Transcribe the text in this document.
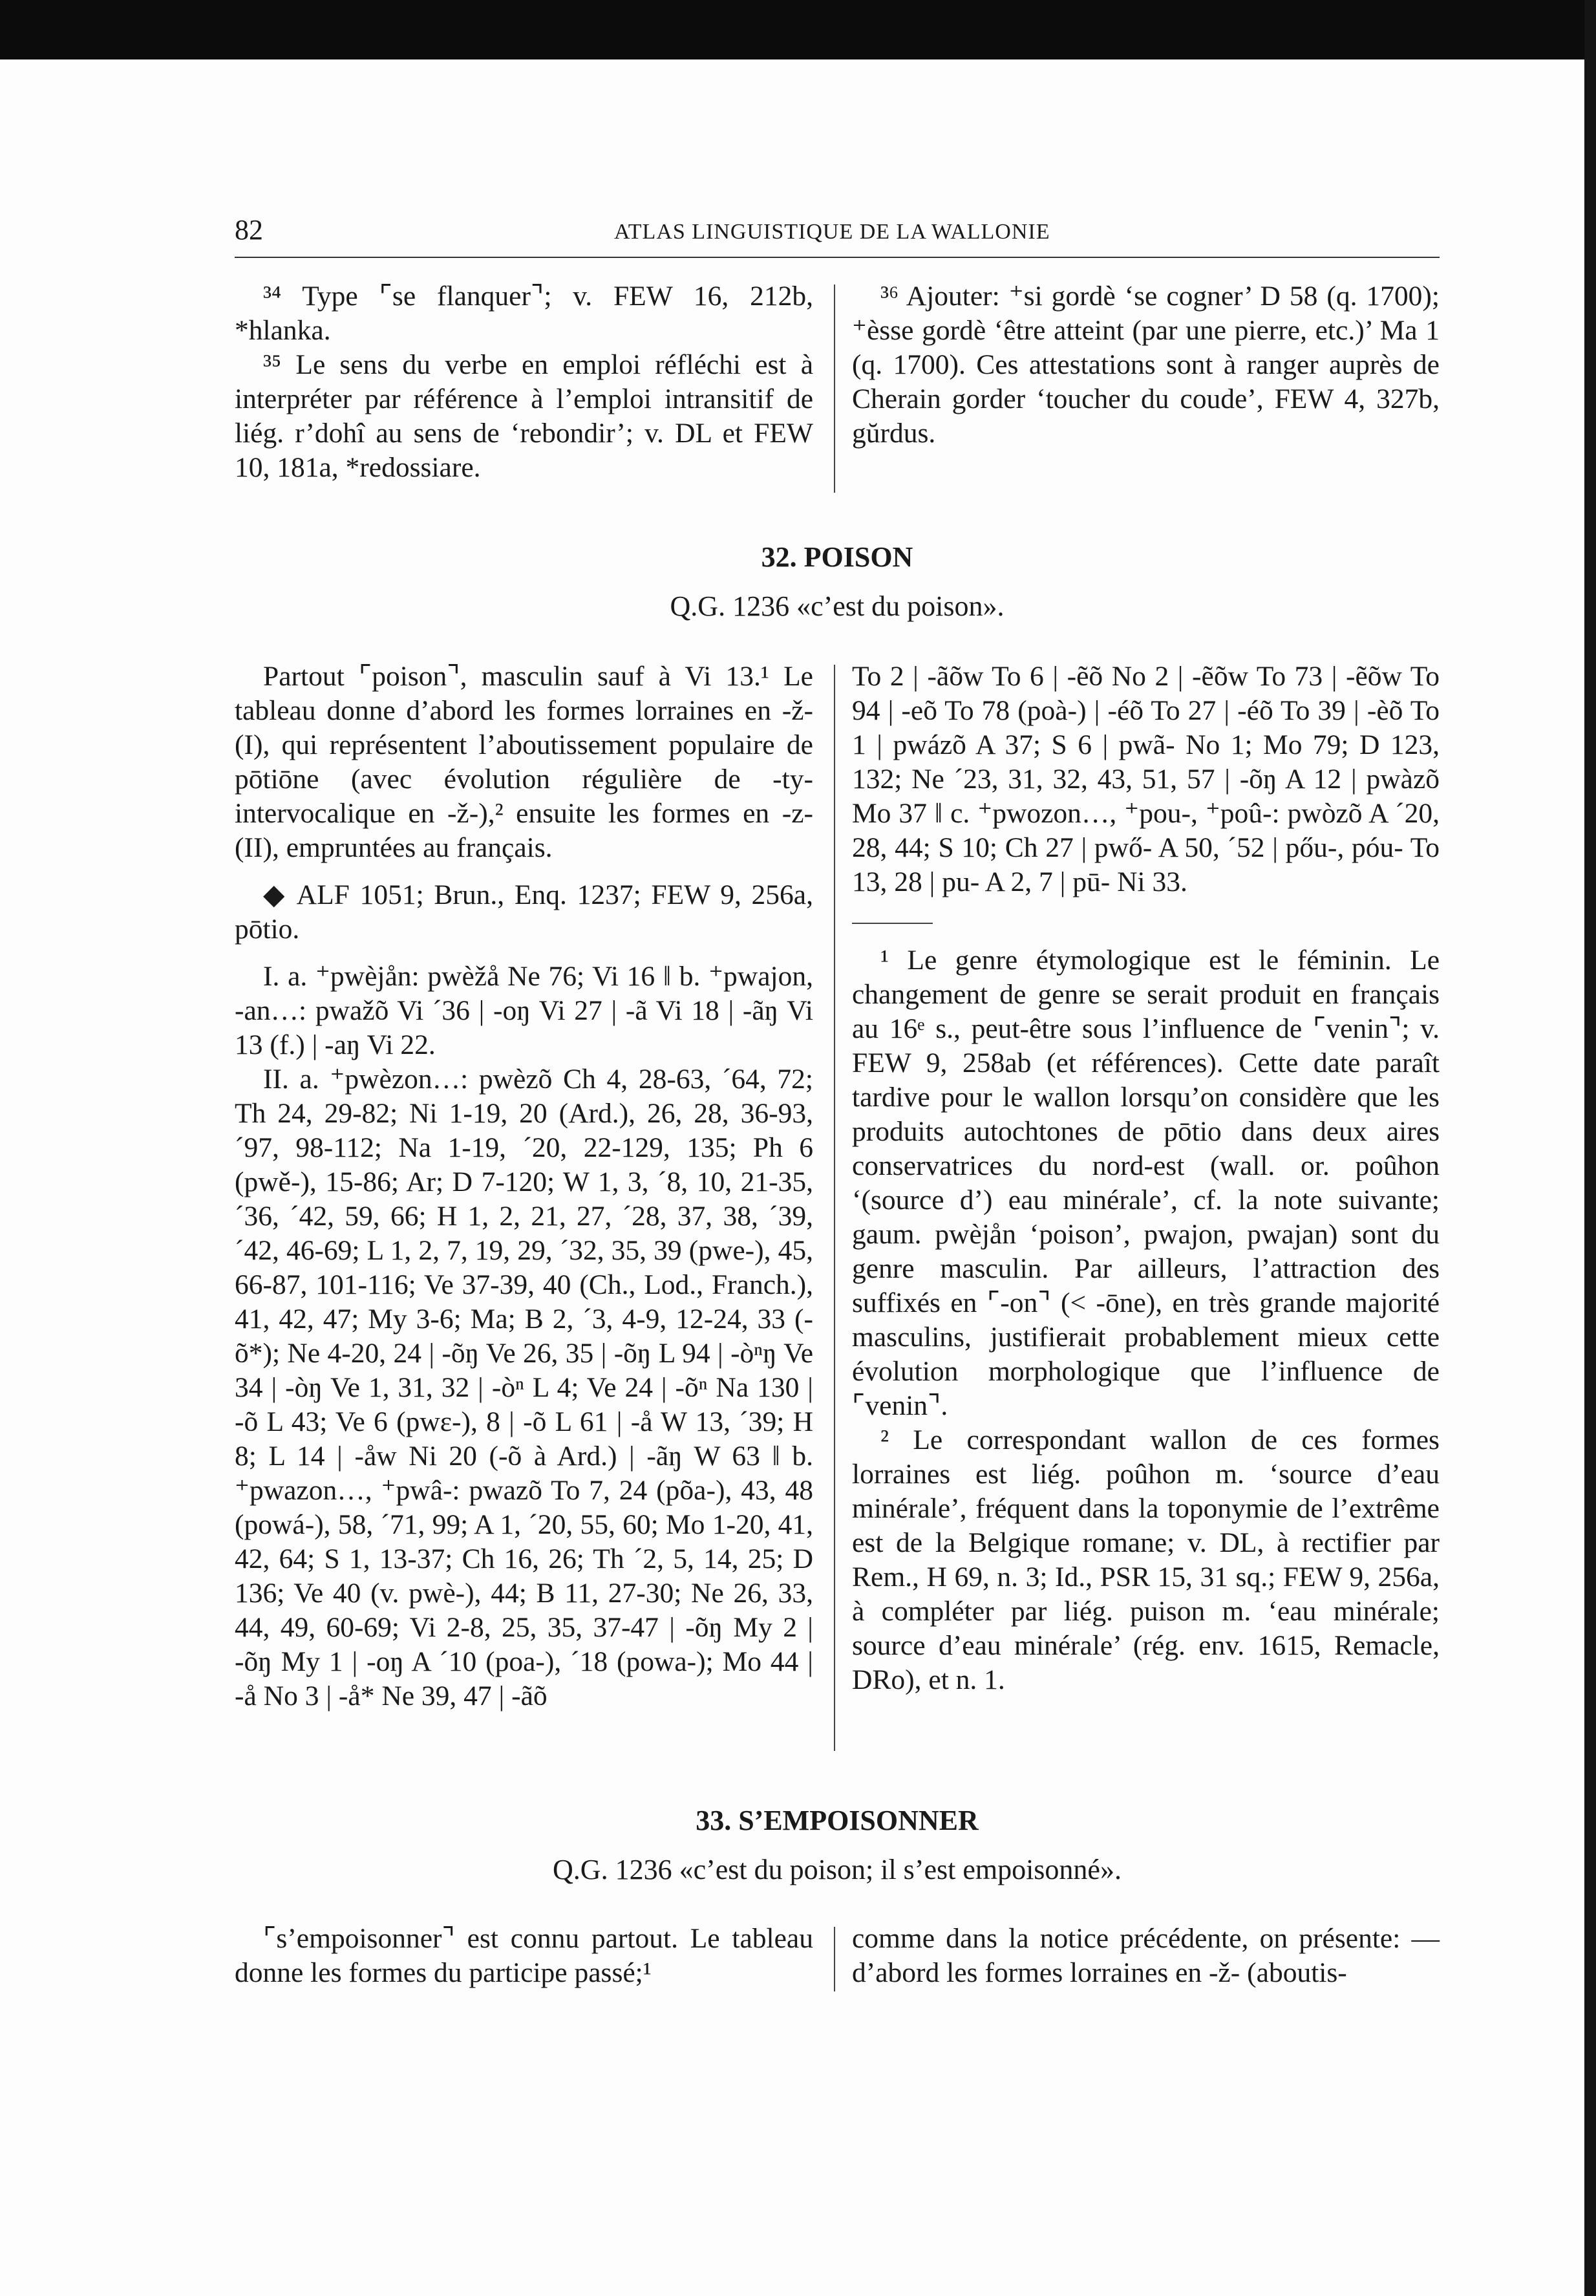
82	ATLAS LINGUISTIQUE DE LA WALLONIE

³⁴ Type ⌜se flanquer⌝; v. FEW 16, 212b, *hlanka.

³⁵ Le sens du verbe en emploi réfléchi est à interpréter par référence à l’emploi intransitif de liég. r’dohî au sens de ‘rebondir’; v. DL et FEW 10, 181a, *redossiare.

³⁶ Ajouter: ⁺si gordè ‘se cogner’ D 58 (q. 1700); ⁺èsse gordè ‘être atteint (par une pierre, etc.)’ Ma 1 (q. 1700). Ces attestations sont à ranger auprès de Cherain gorder ‘toucher du coude’, FEW 4, 327b, gŭrdus.

32. POISON
Q.G. 1236 «c’est du poison».

Partout ⌜poison⌝, masculin sauf à Vi 13.¹ Le tableau donne d’abord les formes lorraines en -ž- (I), qui représentent l’aboutissement populaire de pōtiōne (avec évolution régulière de -ty- intervocalique en -ž-),² ensuite les formes en -z- (II), empruntées au français.

◆ ALF 1051; Brun., Enq. 1237; FEW 9, 256a, pōtio.

I. a. ⁺pwèjån: pwèžå Ne 76; Vi 16 ‖ b. ⁺pwajon, -an…: pwažõ Vi ´36 | -oŋ Vi 27 | -ã Vi 18 | -ãŋ Vi 13 (f.) | -aŋ Vi 22.

II. a. ⁺pwèzon…: pwèzõ Ch 4, 28-63, ´64, 72; Th 24, 29-82; Ni 1-19, 20 (Ard.), 26, 28, 36-93, ´97, 98-112; Na 1-19, ´20, 22-129, 135; Ph 6 (pwě-), 15-86; Ar; D 7-120; W 1, 3, ´8, 10, 21-35, ´36, ´42, 59, 66; H 1, 2, 21, 27, ´28, 37, 38, ´39, ´42, 46-69; L 1, 2, 7, 19, 29, ´32, 35, 39 (pwe-), 45, 66-87, 101-116; Ve 37-39, 40 (Ch., Lod., Franch.), 41, 42, 47; My 3-6; Ma; B 2, ´3, 4-9, 12-24, 33 (-õ*); Ne 4-20, 24 | -õŋ Ve 26, 35 | -õŋ L 94 | -òⁿŋ Ve 34 | -òŋ Ve 1, 31, 32 | -òⁿ L 4; Ve 24 | -õⁿ Na 130 | -õ L 43; Ve 6 (pwɛ-), 8 | -õ L 61 | -å W 13, ´39; H 8; L 14 | -åw Ni 20 (-õ à Ard.) | -ãŋ W 63 ‖ b. ⁺pwazon…, ⁺pwâ-: pwazõ To 7, 24 (põa-), 43, 48 (powá-), 58, ´71, 99; A 1, ´20, 55, 60; Mo 1-20, 41, 42, 64; S 1, 13-37; Ch 16, 26; Th ´2, 5, 14, 25; D 136; Ve 40 (v. pwè-), 44; B 11, 27-30; Ne 26, 33, 44, 49, 60-69; Vi 2-8, 25, 35, 37-47 | -õŋ My 2 | -õŋ My 1 | -oŋ A ´10 (poa-), ´18 (powa-); Mo 44 | -å No 3 | -å* Ne 39, 47 | -ãõ

To 2 | -ãõw To 6 | -ẽõ No 2 | -ẽõw To 73 | -ẽõw To 94 | -eõ To 78 (poà-) | -éõ To 27 | -éõ To 39 | -èõ To 1 | pwázõ A 37; S 6 | pwã- No 1; Mo 79; D 123, 132; Ne ´23, 31, 32, 43, 51, 57 | -õŋ A 12 | pwàzõ Mo 37 ‖ c. ⁺pwozon…, ⁺pou-, ⁺poû-: pwòzõ A ´20, 28, 44; S 10; Ch 27 | pwő- A 50, ´52 | pőu-, póu- To 13, 28 | pu- A 2, 7 | pū- Ni 33.

¹ Le genre étymologique est le féminin. Le changement de genre se serait produit en français au 16ᵉ s., peut-être sous l’influence de ⌜venin⌝; v. FEW 9, 258ab (et références). Cette date paraît tardive pour le wallon lorsqu’on considère que les produits autochtones de pōtio dans deux aires conservatrices du nord-est (wall. or. poûhon ‘(source d’) eau minérale’, cf. la note suivante; gaum. pwèjån ‘poison’, pwajon, pwajan) sont du genre masculin. Par ailleurs, l’attraction des suffixés en ⌜-on⌝ (< -ōne), en très grande majorité masculins, justifierait probablement mieux cette évolution morphologique que l’influence de ⌜venin⌝.

² Le correspondant wallon de ces formes lorraines est liég. poûhon m. ‘source d’eau minérale’, fréquent dans la toponymie de l’extrême est de la Belgique romane; v. DL, à rectifier par Rem., H 69, n. 3; Id., PSR 15, 31 sq.; FEW 9, 256a, à compléter par liég. puison m. ‘eau minérale; source d’eau minérale’ (rég. env. 1615, Remacle, DRo), et n. 1.

33. S’EMPOISONNER
Q.G. 1236 «c’est du poison; il s’est empoisonné».

⌜s’empoisonner⌝ est connu partout. Le tableau donne les formes du participe passé;¹

comme dans la notice précédente, on présente: — d’abord les formes lorraines en -ž- (aboutis-
